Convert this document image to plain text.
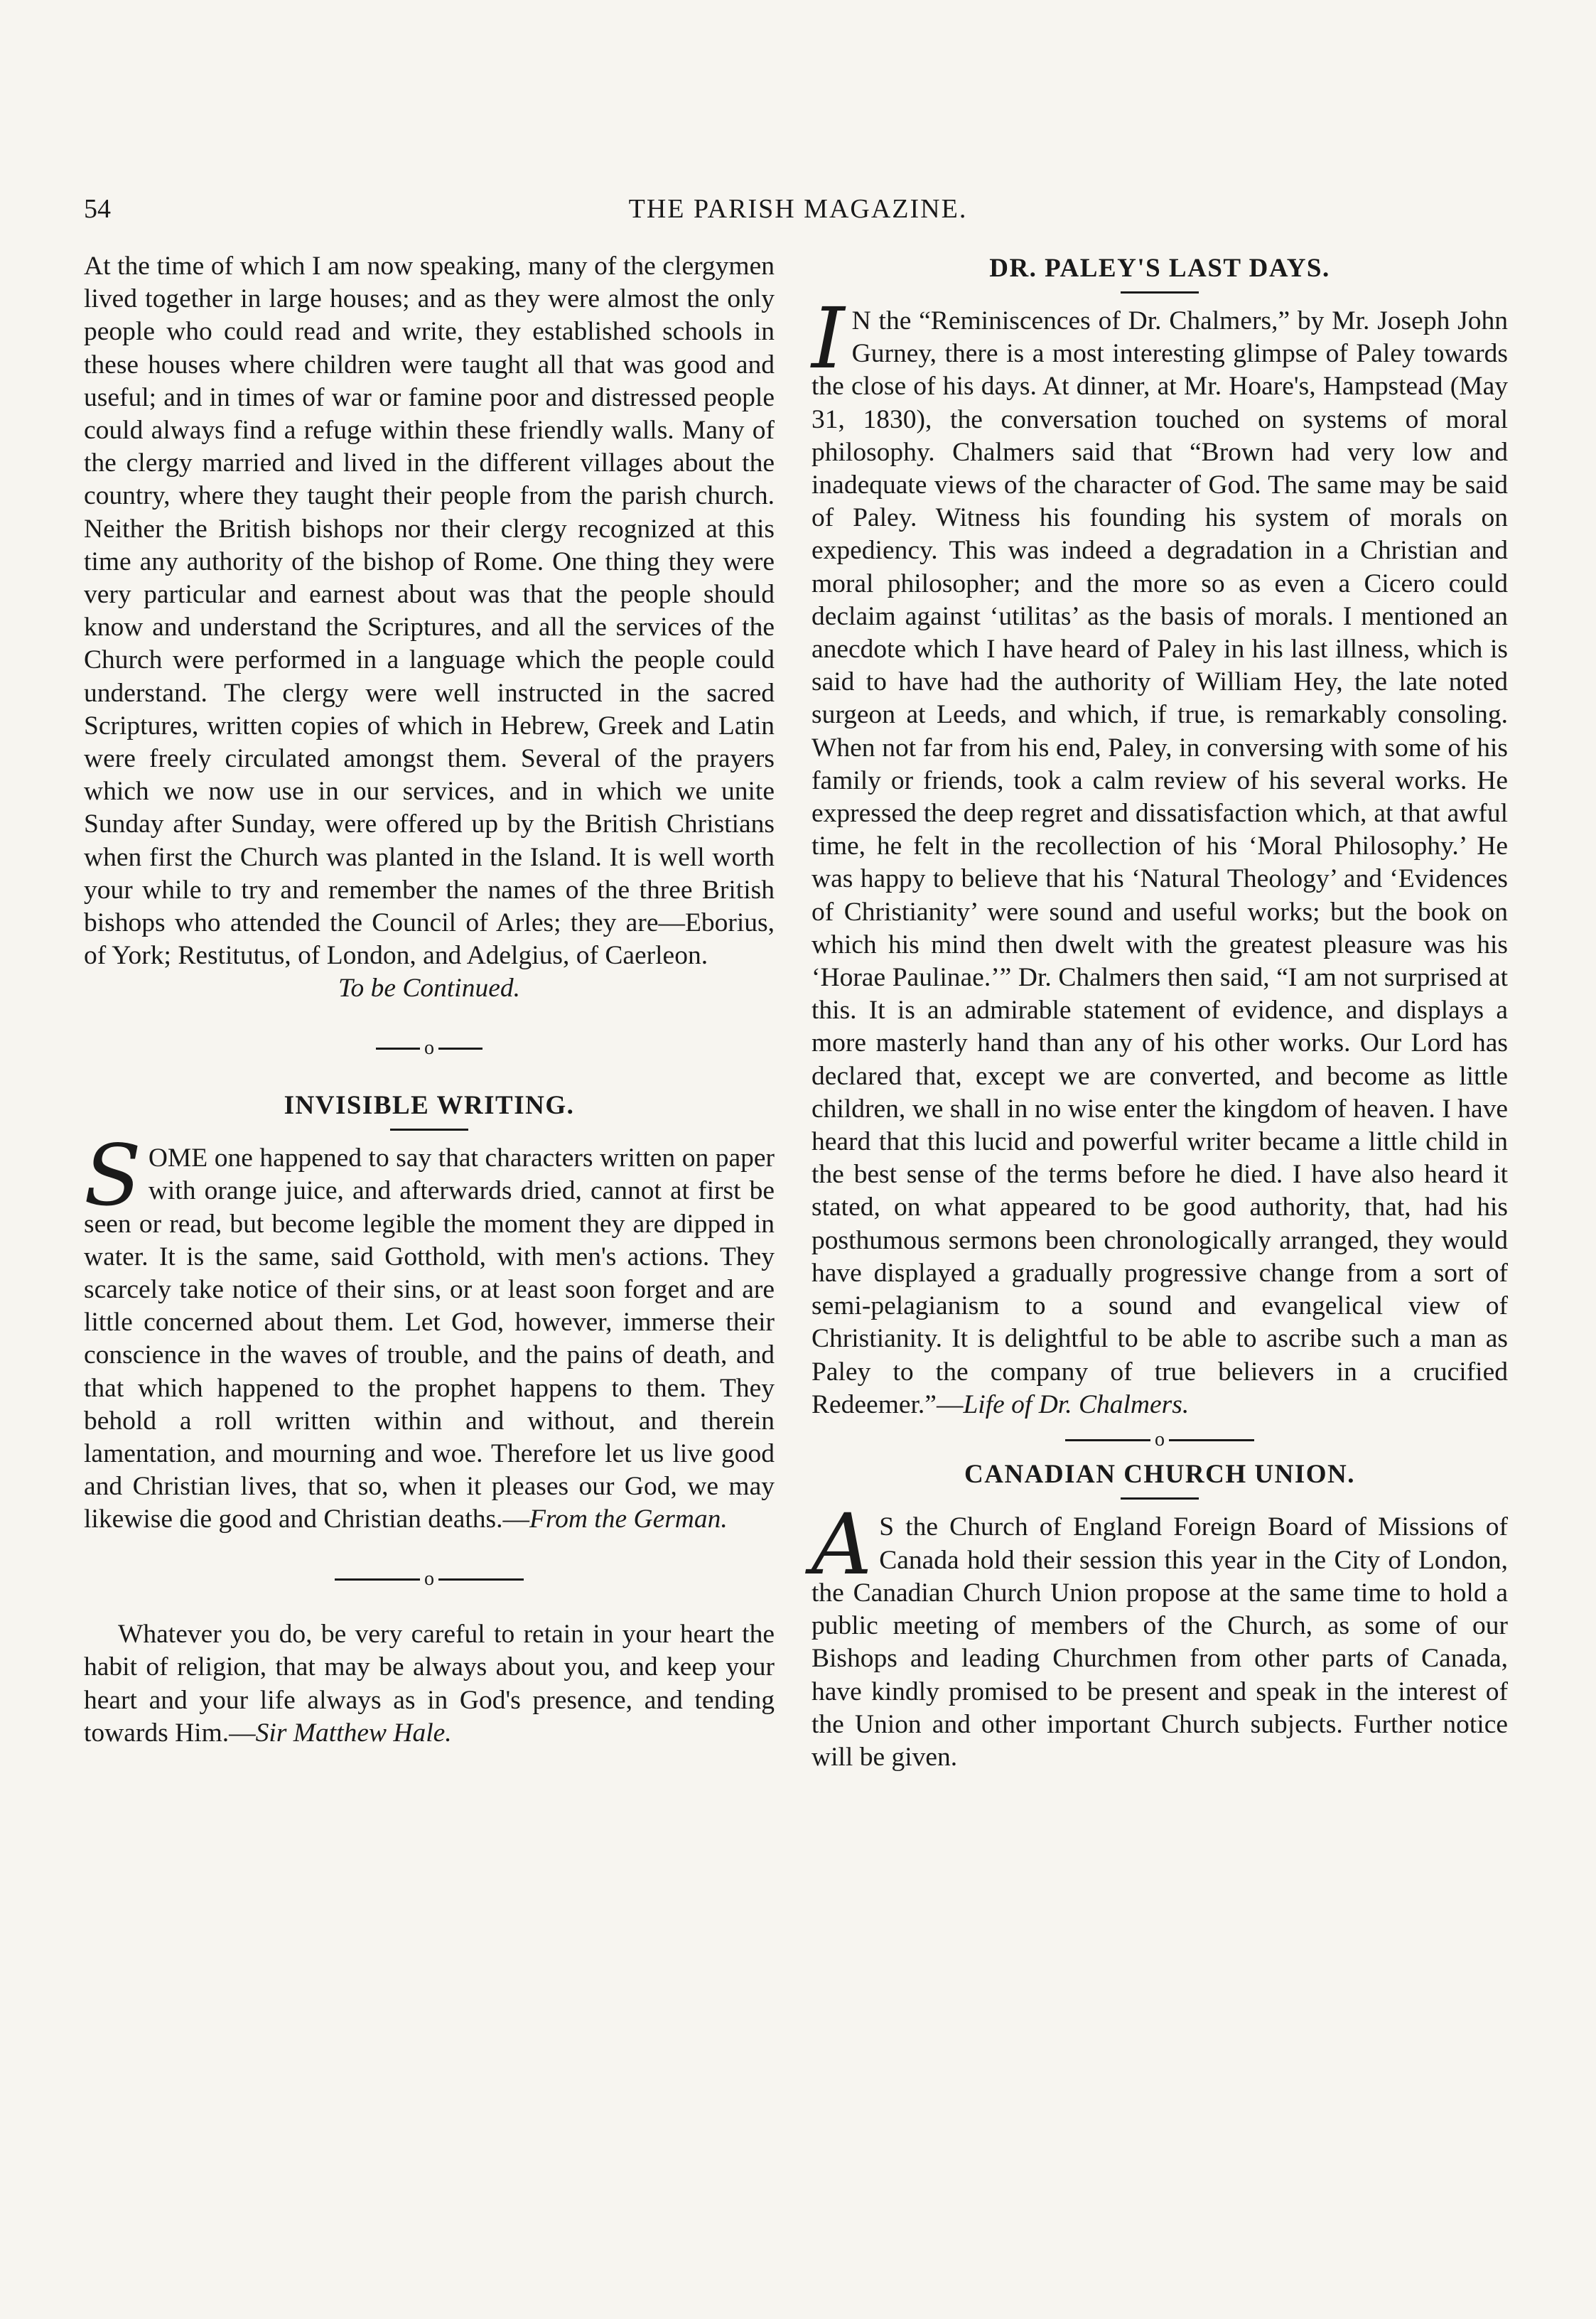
54	THE PARISH MAGAZINE.

At the time of which I am now speaking, many of the clergymen lived together in large houses; and as they were almost the only people who could read and write, they established schools in these houses where children were taught all that was good and useful; and in times of war or famine poor and distressed people could always find a refuge within these friendly walls. Many of the clergy married and lived in the different villages about the country, where they taught their people from the parish church. Neither the British bishops nor their clergy recognized at this time any authority of the bishop of Rome. One thing they were very particular and earnest about was that the people should know and understand the Scriptures, and all the services of the Church were performed in a language which the people could understand. The clergy were well instructed in the sacred Scriptures, written copies of which in Hebrew, Greek and Latin were freely circulated amongst them. Several of the prayers which we now use in our services, and in which we unite Sunday after Sunday, were offered up by the British Christians when first the Church was planted in the Island. It is well worth your while to try and remember the names of the three British bishops who attended the Council of Arles; they are—Eborius, of York; Restitutus, of London, and Adelgius, of Caerleon.

To be Continued.

o
INVISIBLE WRITING.

SOME one happened to say that characters written on paper with orange juice, and afterwards dried, cannot at first be seen or read, but become legible the moment they are dipped in water. It is the same, said Gotthold, with men's actions. They scarcely take notice of their sins, or at least soon forget and are little concerned about them. Let God, however, immerse their conscience in the waves of trouble, and the pains of death, and that which happened to the prophet happens to them. They behold a roll written within and without, and therein lamentation, and mourning and woe. Therefore let us live good and Christian lives, that so, when it pleases our God, we may likewise die good and Christian deaths.—From the German.

o

Whatever you do, be very careful to retain in your heart the habit of religion, that may be always about you, and keep your heart and your life always as in God's presence, and tending towards Him.—Sir Matthew Hale.

DR. PALEY'S LAST DAYS.

I N the “Reminiscences of Dr. Chalmers,” by Mr. Joseph John Gurney, there is a most interesting glimpse of Paley towards the close of his days. At dinner, at Mr. Hoare's, Hampstead (May 31, 1830), the conversation touched on systems of moral philosophy. Chalmers said that “Brown had very low and inadequate views of the character of God. The same may be said of Paley. Witness his founding his system of morals on expediency. This was indeed a degradation in a Christian and moral philosopher; and the more so as even a Cicero could declaim against ‘utilitas’ as the basis of morals. I mentioned an anecdote which I have heard of Paley in his last illness, which is said to have had the authority of William Hey, the late noted surgeon at Leeds, and which, if true, is remarkably consoling. When not far from his end, Paley, in conversing with some of his family or friends, took a calm review of his several works. He expressed the deep regret and dissatisfaction which, at that awful time, he felt in the recollection of his ‘Moral Philosophy.’ He was happy to believe that his ‘Natural Theology’ and ‘Evidences of Christianity’ were sound and useful works; but the book on which his mind then dwelt with the greatest pleasure was his ‘Horae Paulinae.’” Dr. Chalmers then said, “I am not surprised at this. It is an admirable statement of evidence, and displays a more masterly hand than any of his other works. Our Lord has declared that, except we are converted, and become as little children, we shall in no wise enter the kingdom of heaven. I have heard that this lucid and powerful writer became a little child in the best sense of the terms before he died. I have also heard it stated, on what appeared to be good authority, that, had his posthumous sermons been chronologically arranged, they would have displayed a gradually progressive change from a sort of semi-pelagianism to a sound and evangelical view of Christianity. It is delightful to be able to ascribe such a man as Paley to the company of true believers in a crucified Redeemer.”—Life of Dr. Chalmers.

o
CANADIAN CHURCH UNION.

A S the Church of England Foreign Board of Missions of Canada hold their session this year in the City of London, the Canadian Church Union propose at the same time to hold a public meeting of members of the Church, as some of our Bishops and leading Churchmen from other parts of Canada, have kindly promised to be present and speak in the interest of the Union and other important Church subjects. Further notice will be given.
